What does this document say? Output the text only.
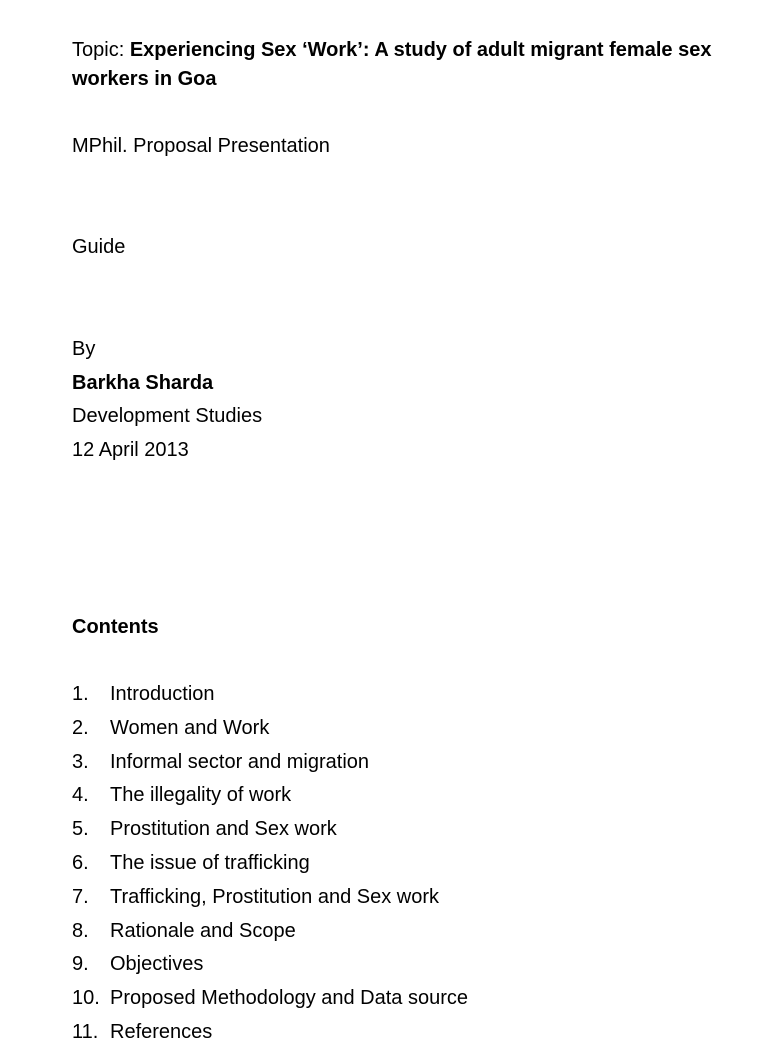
Topic: Experiencing Sex ‘Work’: A study of adult migrant female sex workers in Goa
MPhil. Proposal Presentation
Guide
By
Barkha Sharda
Development Studies
12 April 2013
Contents
1.	Introduction
2.	Women and Work
3.	Informal sector and migration
4.	The illegality of work
5.	Prostitution and Sex work
6.	The issue of trafficking
7.	Trafficking, Prostitution and Sex work
8.	Rationale and Scope
9.	Objectives
10. Proposed Methodology and Data source
11. References
